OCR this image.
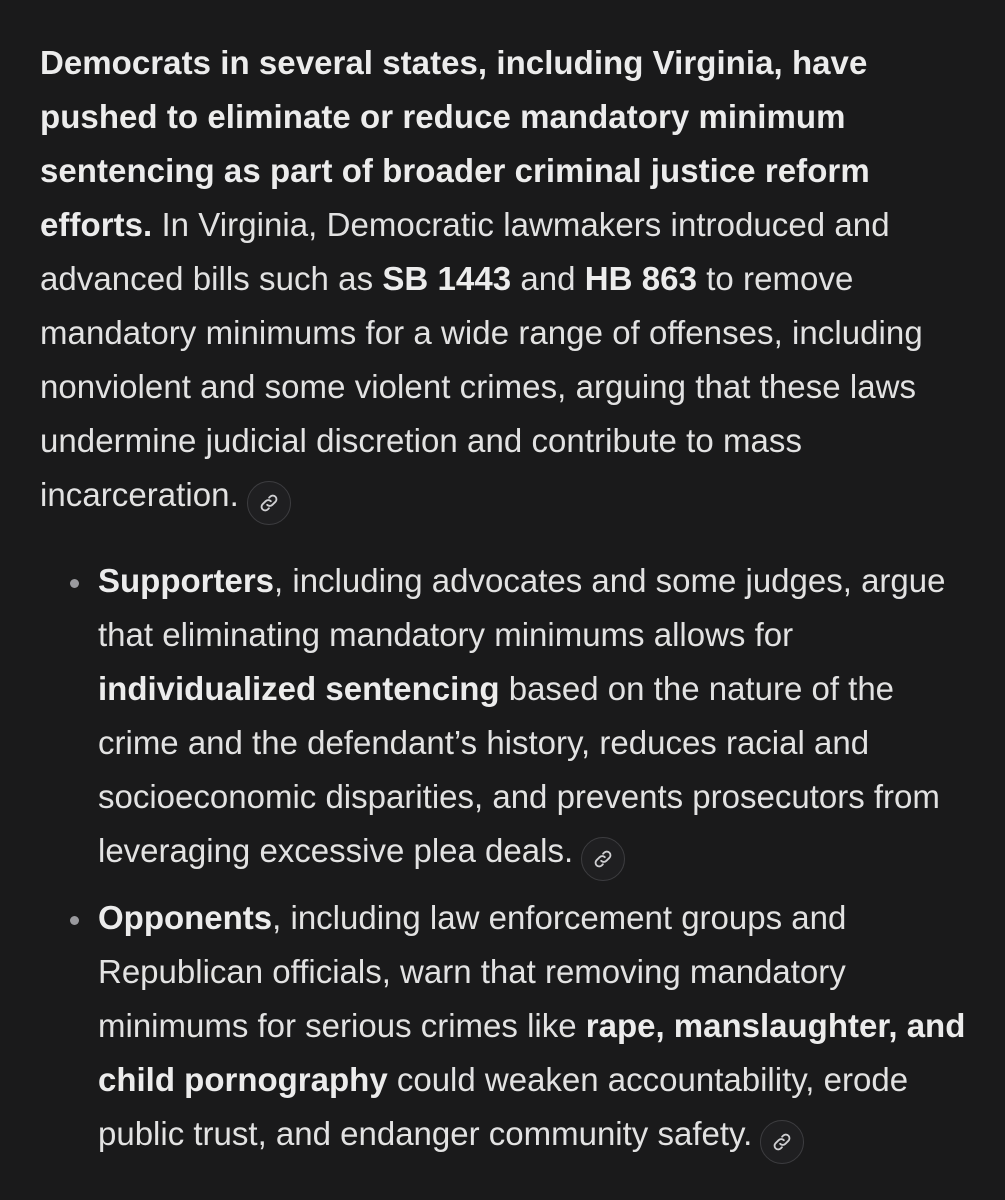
Democrats in several states, including Virginia, have pushed to eliminate or reduce mandatory minimum sentencing as part of broader criminal justice reform efforts. In Virginia, Democratic lawmakers introduced and advanced bills such as SB 1443 and HB 863 to remove mandatory minimums for a wide range of offenses, including nonviolent and some violent crimes, arguing that these laws undermine judicial discretion and contribute to mass incarceration.

Supporters, including advocates and some judges, argue that eliminating mandatory minimums allows for individualized sentencing based on the nature of the crime and the defendant’s history, reduces racial and socioeconomic disparities, and prevents prosecutors from leveraging excessive plea deals.
Opponents, including law enforcement groups and Republican officials, warn that removing mandatory minimums for serious crimes like rape, manslaughter, and child pornography could weaken accountability, erode public trust, and endanger community safety.
